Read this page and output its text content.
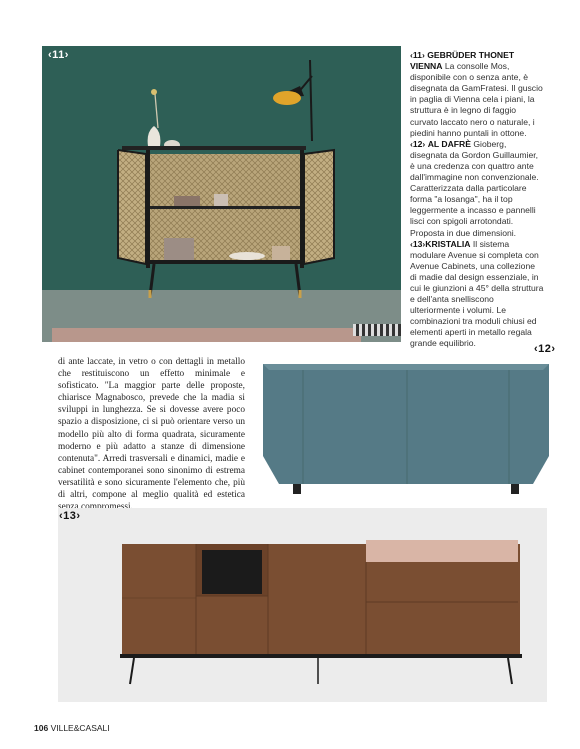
‹11›	‹11› GEBRÜDER THONET VIENNA La consolle Mos, disponibile con o senza ante, è disegnata da GamFratesi. Il guscio in paglia di Vienna cela i piani, la struttura è in legno di faggio curvato laccato nero o naturale, i piedini hanno puntali in ottone. ‹12› AL DAFRÈ Gioberg, disegnata da Gordon Guillaumier, è una credenza con quattro ante dall'immagine non convenzionale. Caratterizzata dalla particolare forma "a losanga", ha il top leggermente a incasso e pannelli lisci con spigoli arrotondati. Proposta in due dimensioni. ‹13›KRISTALIA Il sistema modulare Avenue si completa con Avenue Cabinets, una collezione di madie dal design essenziale, in cui le giunzioni a 45° della struttura e dell'anta snelliscono ulteriormente i volumi. Le combinazioni tra moduli chiusi ed elementi aperti in metallo regala grande equilibrio.	‹12›

di ante laccate, in vetro o con dettagli in metallo che restituiscono un effetto minimale e sofisticato. "La maggior parte delle proposte, chiarisce Magnabosco, prevede che la madia si sviluppi in lunghezza. Se si dovesse avere poco spazio a disposizione, ci si può orientare verso un modello più alto di forma quadrata, sicuramente moderno e più adatto a stanze di dimensione contenuta". Arredi trasversali e dinamici, madie e cabinet contemporanei sono sinonimo di estrema versatilità e sono sicuramente l'elemento che, più di altri, compone al meglio qualità ed estetica

‹13›
106 VILLE&CASALI
